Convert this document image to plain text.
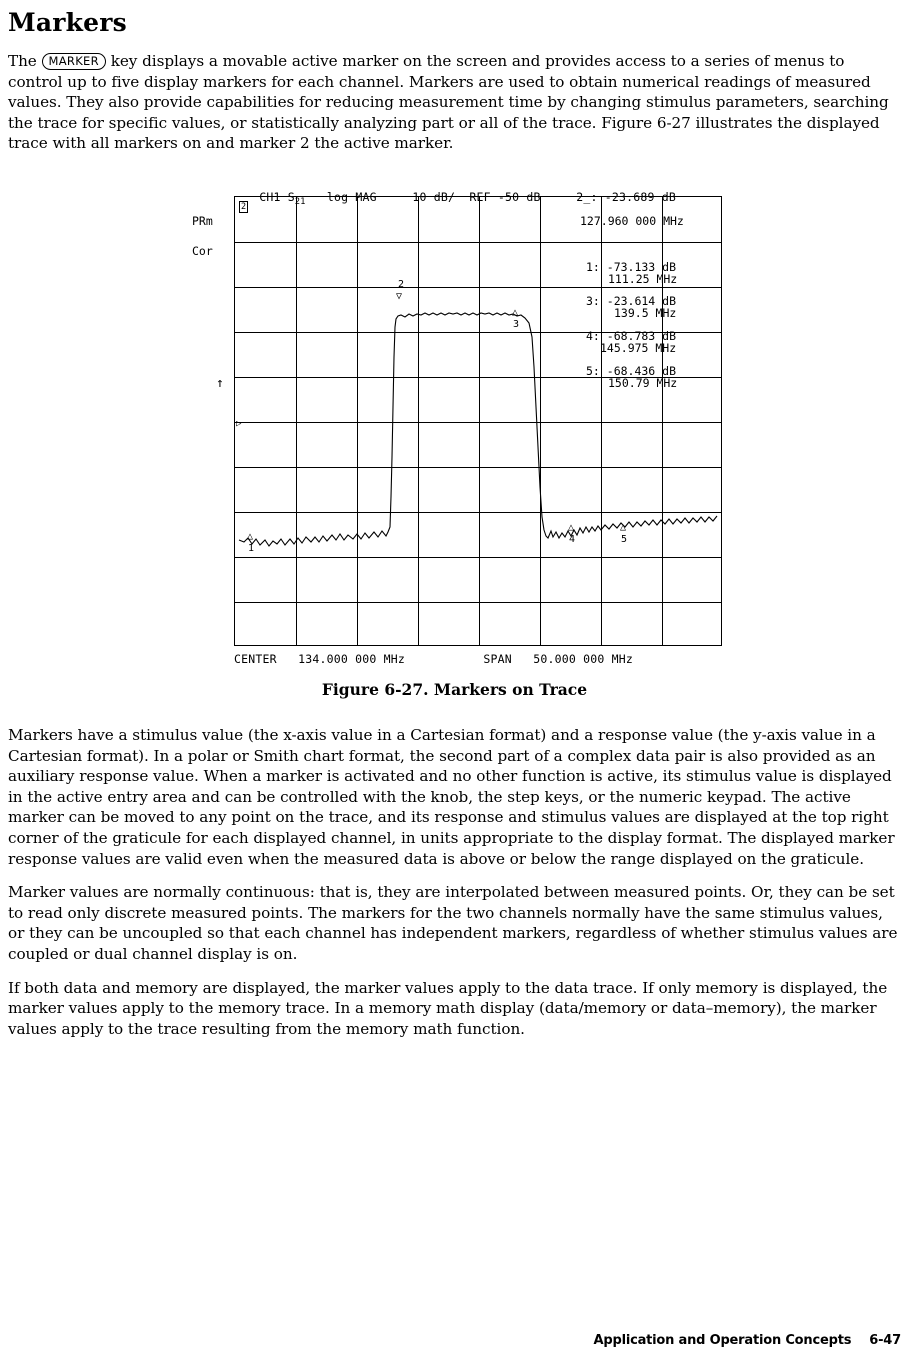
Markers

The MARKER key displays a movable active marker on the screen and provides access to a series of menus to control up to five display markers for each channel. Markers are used to obtain numerical readings of measured values. They also provide capabilities for reducing measurement time by changing stimulus parameters, searching the trace for specific values, or statistically analyzing part or all of the trace. Figure 6-27 illustrates the displayed trace with all markers on and marker 2 the active marker.

CH1 $S_{21}$ log MAG	10 dB/ REF -50 dB	2_: -23.689 dB

PRm
Cor
↑
2
▷
△
1
2
▽
△
3
△
4
△
5
127.960 000 MHz
1: -73.133 dB
111.25 MHz
3: -23.614 dB
139.5 MHz
4: -68.783 dB
145.975 MHz
5: -68.436 dB
150.79 MHz
CENTER 134.000 000 MHz	SPAN 50.000 000 MHz
Figure 6-27. Markers on Trace

Markers have a stimulus value (the x-axis value in a Cartesian format) and a response value (the y-axis value in a Cartesian format). In a polar or Smith chart format, the second part of a complex data pair is also provided as an auxiliary response value. When a marker is activated and no other function is active, its stimulus value is displayed in the active entry area and can be controlled with the knob, the step keys, or the numeric keypad. The active marker can be moved to any point on the trace, and its response and stimulus values are displayed at the top right corner of the graticule for each displayed channel, in units appropriate to the display format. The displayed marker response values are valid even when the measured data is above or below the range displayed on the graticule.

Marker values are normally continuous: that is, they are interpolated between measured points. Or, they can be set to read only discrete measured points. The markers for the two channels normally have the same stimulus values, or they can be uncoupled so that each channel has independent markers, regardless of whether stimulus values are coupled or dual channel display is on.

If both data and memory are displayed, the marker values apply to the data trace. If only memory is displayed, the marker values apply to the memory trace. In a memory math display (data/memory or data–memory), the marker values apply to the trace resulting from the memory math function.

Application and Operation Concepts 6-47
